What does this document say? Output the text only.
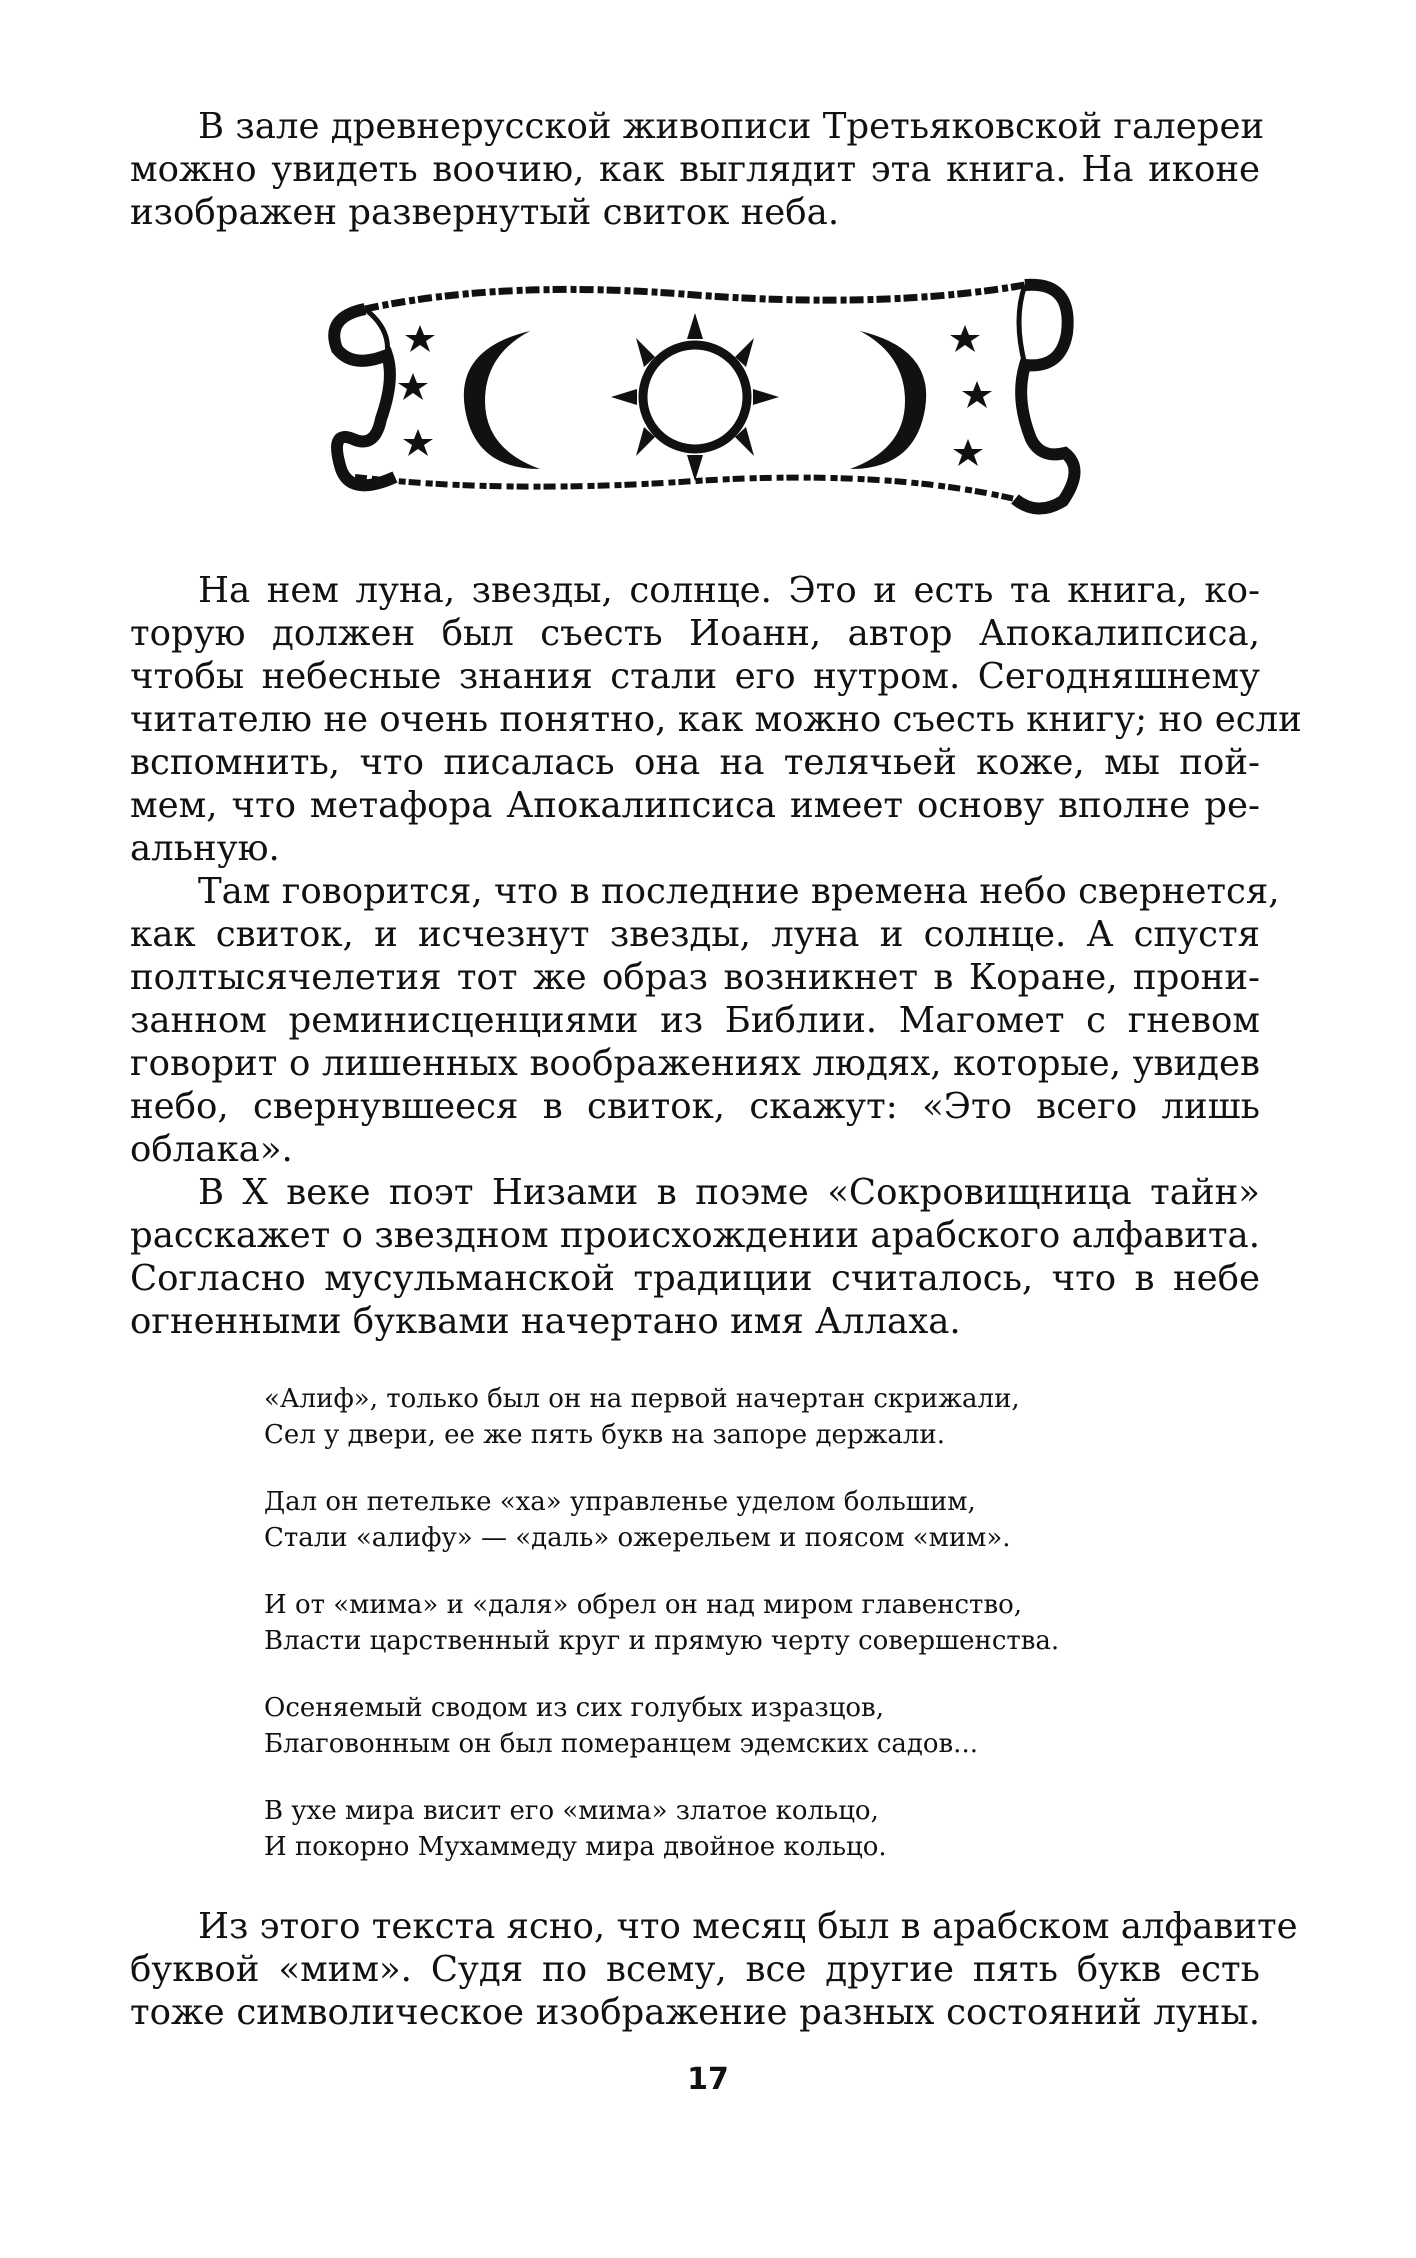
В зале древнерусской живописи Третьяковской галереи
можно увидеть воочию, как выглядит эта книга. На иконе
изображен развернутый свиток неба.

На нем луна, звезды, солнце. Это и есть та книга, ко-
торую должен был съесть Иоанн, автор Апокалипсиса,
чтобы небесные знания стали его нутром. Сегодняшнему
читателю не очень понятно, как можно съесть книгу; но если
вспомнить, что писалась она на телячьей коже, мы пой-
мем, что метафора Апокалипсиса имеет основу вполне ре-
альную.

Там говорится, что в последние времена небо свернется,
как свиток, и исчезнут звезды, луна и солнце. А спустя
полтысячелетия тот же образ возникнет в Коране, прони-
занном реминисценциями из Библии. Магомет с гневом
говорит о лишенных воображениях людях, которые, увидев
небо, свернувшееся в свиток, скажут: «Это всего лишь
облака».

В X веке поэт Низами в поэме «Сокровищница тайн»
расскажет о звездном происхождении арабского алфавита.
Согласно мусульманской традиции считалось, что в небе
огненными буквами начертано имя Аллаха.

«Алиф», только был он на первой начертан скрижали,
Сел у двери, ее же пять букв на запоре держали.
Дал он петельке «ха» управленье уделом большим,
Стали «алифу» — «даль» ожерельем и поясом «мим».
И от «мима» и «даля» обрел он над миром главенство,
Власти царственный круг и прямую черту совершенства.
Осеняемый сводом из сих голубых изразцов,
Благовонным он был померанцем эдемских садов...
В ухе мира висит его «мима» златое кольцо,
И покорно Мухаммеду мира двойное кольцо.

Из этого текста ясно, что месяц был в арабском алфавите
буквой «мим». Судя по всему, все другие пять букв есть
тоже символическое изображение разных состояний луны.

17
